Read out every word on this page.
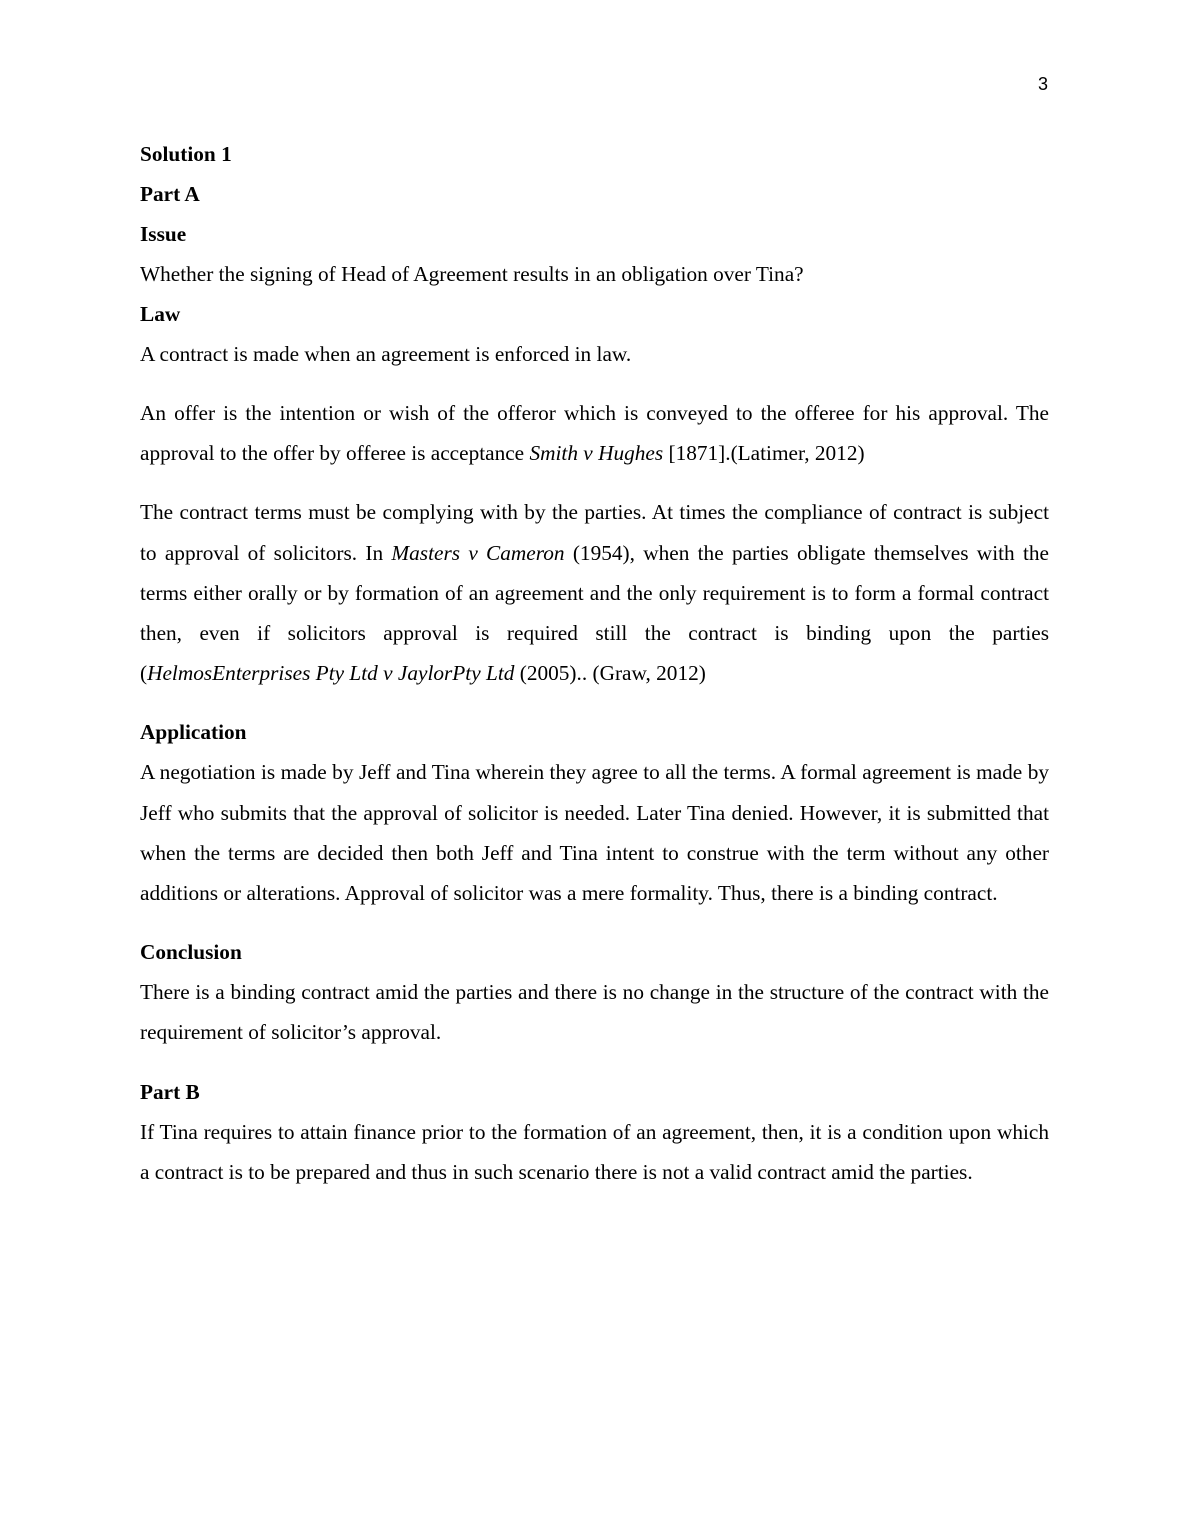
3

Solution 1

Part A

Issue

Whether the signing of Head of Agreement results in an obligation over Tina?

Law

A contract is made when an agreement is enforced in law.

An offer is the intention or wish of the offeror which is conveyed to the offeree for his approval. The approval to the offer by offeree is acceptance Smith v Hughes [1871].(Latimer, 2012)

The contract terms must be complying with by the parties. At times the compliance of contract is subject to approval of solicitors. In Masters v Cameron (1954), when the parties obligate themselves with the terms either orally or by formation of an agreement and the only requirement is to form a formal contract then, even if solicitors approval is required still the contract is binding upon the parties (HelmosEnterprises Pty Ltd v JaylorPty Ltd (2005).. (Graw, 2012)

Application

A negotiation is made by Jeff and Tina wherein they agree to all the terms. A formal agreement is made by Jeff who submits that the approval of solicitor is needed. Later Tina denied. However, it is submitted that when the terms are decided then both Jeff and Tina intent to construe with the term without any other additions or alterations. Approval of solicitor was a mere formality. Thus, there is a binding contract.

Conclusion

There is a binding contract amid the parties and there is no change in the structure of the contract with the requirement of solicitor’s approval.

Part B

If Tina requires to attain finance prior to the formation of an agreement, then, it is a condition upon which a contract is to be prepared and thus in such scenario there is not a valid contract amid the parties.
